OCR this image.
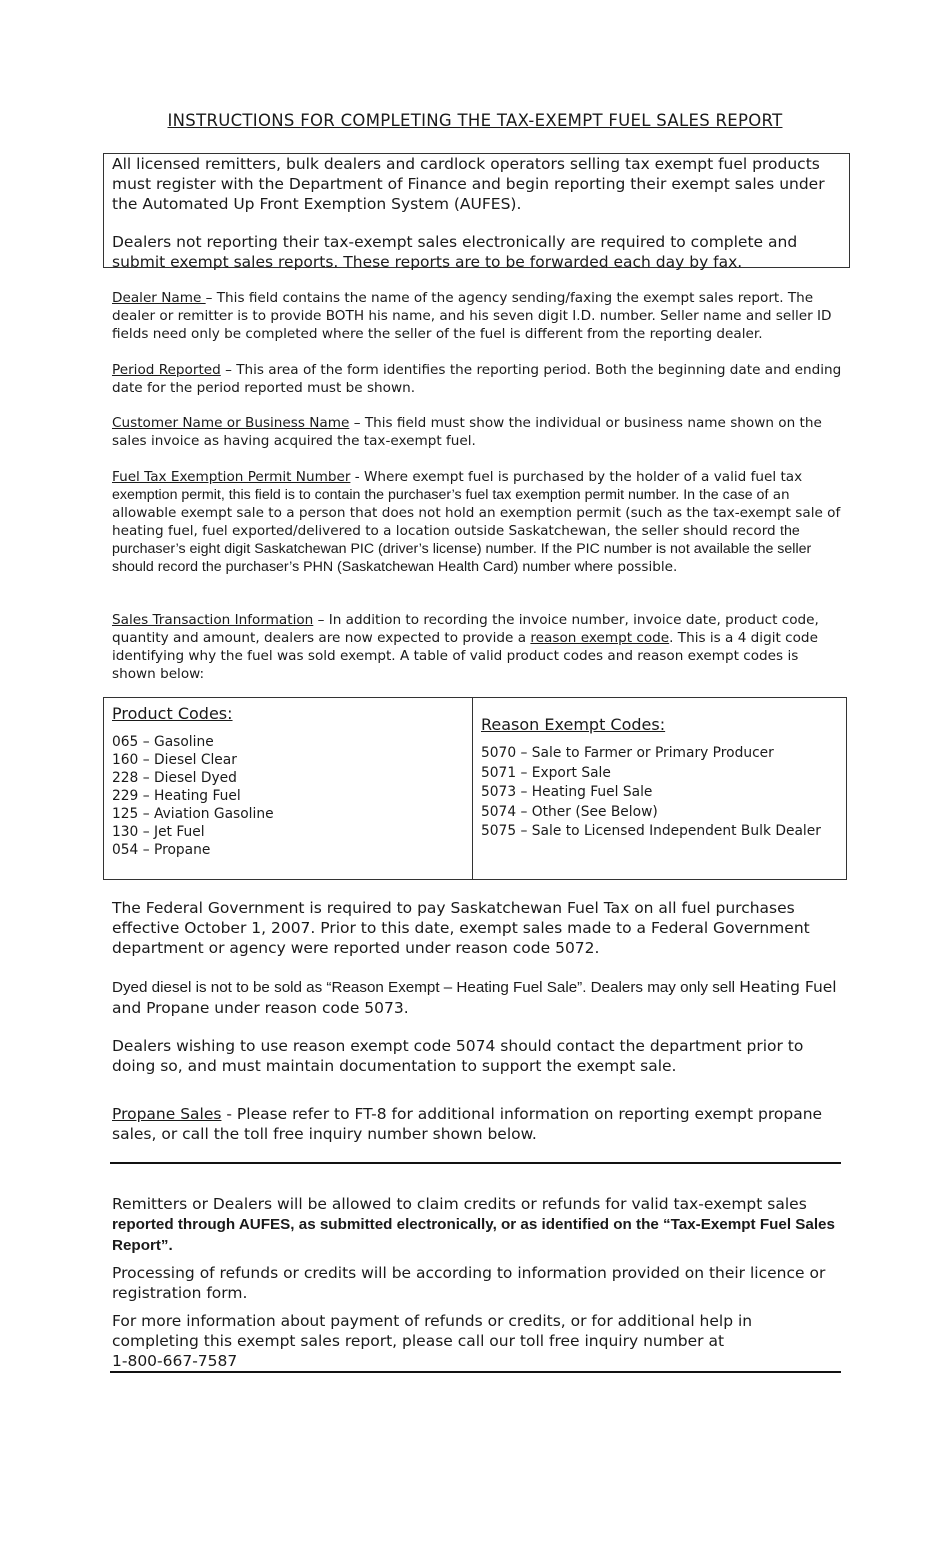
INSTRUCTIONS FOR COMPLETING THE TAX-EXEMPT FUEL SALES REPORT

All licensed remitters, bulk dealers and cardlock operators selling tax exempt fuel products must register with the Department of Finance and begin reporting their exempt sales under the Automated Up Front Exemption System (AUFES).

Dealers not reporting their tax-exempt sales electronically are required to complete and submit exempt sales reports. These reports are to be forwarded each day by fax.

Dealer Name – This field contains the name of the agency sending/faxing the exempt sales report. The dealer or remitter is to provide BOTH his name, and his seven digit I.D. number. Seller name and seller ID fields need only be completed where the seller of the fuel is different from the reporting dealer.

Period Reported – This area of the form identifies the reporting period. Both the beginning date and ending date for the period reported must be shown.

Customer Name or Business Name – This field must show the individual or business name shown on the sales invoice as having acquired the tax-exempt fuel.

Fuel Tax Exemption Permit Number - Where exempt fuel is purchased by the holder of a valid fuel tax exemption permit, this field is to contain the purchaser’s fuel tax exemption permit number. In the case of an allowable exempt sale to a person that does not hold an exemption permit (such as the tax-exempt sale of heating fuel, fuel exported/delivered to a location outside Saskatchewan, the seller should record the purchaser’s eight digit Saskatchewan PIC (driver’s license) number. If the PIC number is not available the seller should record the purchaser’s PHN (Saskatchewan Health Card) number where possible.

Sales Transaction Information – In addition to recording the invoice number, invoice date, product code, quantity and amount, dealers are now expected to provide a reason exempt code. This is a 4 digit code identifying why the fuel was sold exempt. A table of valid product codes and reason exempt codes is shown below:

Product Codes:
065 – Gasoline
160 – Diesel Clear
228 – Diesel Dyed
229 – Heating Fuel
125 – Aviation Gasoline
130 – Jet Fuel
054 – Propane
Reason Exempt Codes:
5070 – Sale to Farmer or Primary Producer
5071 – Export Sale
5073 – Heating Fuel Sale
5074 – Other (See Below)
5075 – Sale to Licensed Independent Bulk Dealer

The Federal Government is required to pay Saskatchewan Fuel Tax on all fuel purchases effective October 1, 2007. Prior to this date, exempt sales made to a Federal Government department or agency were reported under reason code 5072.

Dyed diesel is not to be sold as “Reason Exempt – Heating Fuel Sale”. Dealers may only sell Heating Fuel and Propane under reason code 5073.

Dealers wishing to use reason exempt code 5074 should contact the department prior to doing so, and must maintain documentation to support the exempt sale.

Propane Sales - Please refer to FT-8 for additional information on reporting exempt propane sales, or call the toll free inquiry number shown below.

Remitters or Dealers will be allowed to claim credits or refunds for valid tax-exempt sales reported through AUFES, as submitted electronically, or as identified on the “Tax-Exempt Fuel Sales Report”.

Processing of refunds or credits will be according to information provided on their licence or registration form.

For more information about payment of refunds or credits, or for additional help in completing this exempt sales report, please call our toll free inquiry number at

1-800-667-7587
